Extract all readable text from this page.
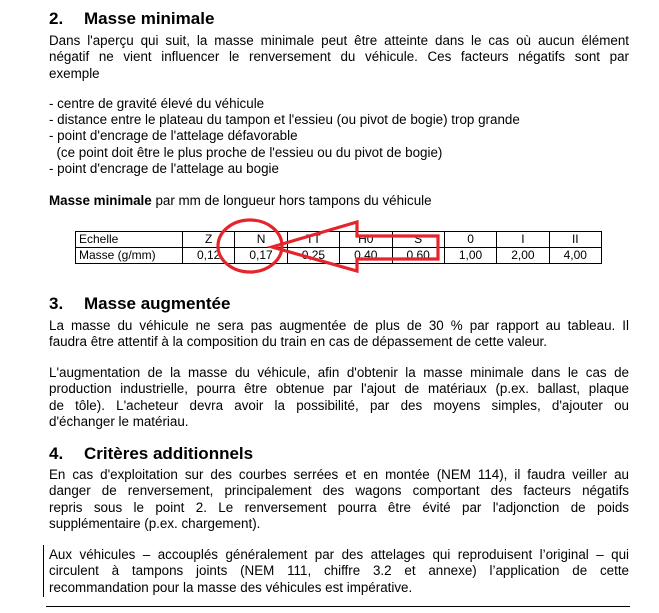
2. Masse minimale
Dans l'aperçu qui suit, la masse minimale peut être atteinte dans le cas où aucun élément
négatif ne vient influencer le renversement du véhicule. Ces facteurs négatifs sont par
exemple
- centre de gravité élevé du véhicule
- distance entre le plateau du tampon et l'essieu (ou pivot de bogie) trop grande
- point d'encrage de l'attelage défavorable
(ce point doit être le plus proche de l'essieu ou du pivot de bogie)
- point d'encrage de l'attelage au bogie
Masse minimale par mm de longueur hors tampons du véhicule
Echelle	Z	N	TT	H0	S	0	I	II
Masse (g/mm)	0,12	0,17	0,25	0,40	0,60	1,00	2,00	4,00
3. Masse augmentée
La masse du véhicule ne sera pas augmentée de plus de 30 % par rapport au tableau. Il
faudra être attentif à la composition du train en cas de dépassement de cette valeur.
L'augmentation de la masse du véhicule, afin d'obtenir la masse minimale dans le cas de
production industrielle, pourra être obtenue par l'ajout de matériaux (p.ex. ballast, plaque
de tôle). L'acheteur devra avoir la possibilité, par des moyens simples, d'ajouter ou
d'échanger le matériau.
4. Critères additionnels
En cas d'exploitation sur des courbes serrées et en montée (NEM 114), il faudra veiller au
danger de renversement, principalement des wagons comportant des facteurs négatifs
repris sous le point 2. Le renversement pourra être évité par l'adjonction de poids
supplémentaire (p.ex. chargement).
Aux véhicules – accouplés généralement par des attelages qui reproduisent l’original – qui
circulent à tampons joints (NEM 111, chiffre 3.2 et annexe) l’application de cette
recommandation pour la masse des véhicules est impérative.
